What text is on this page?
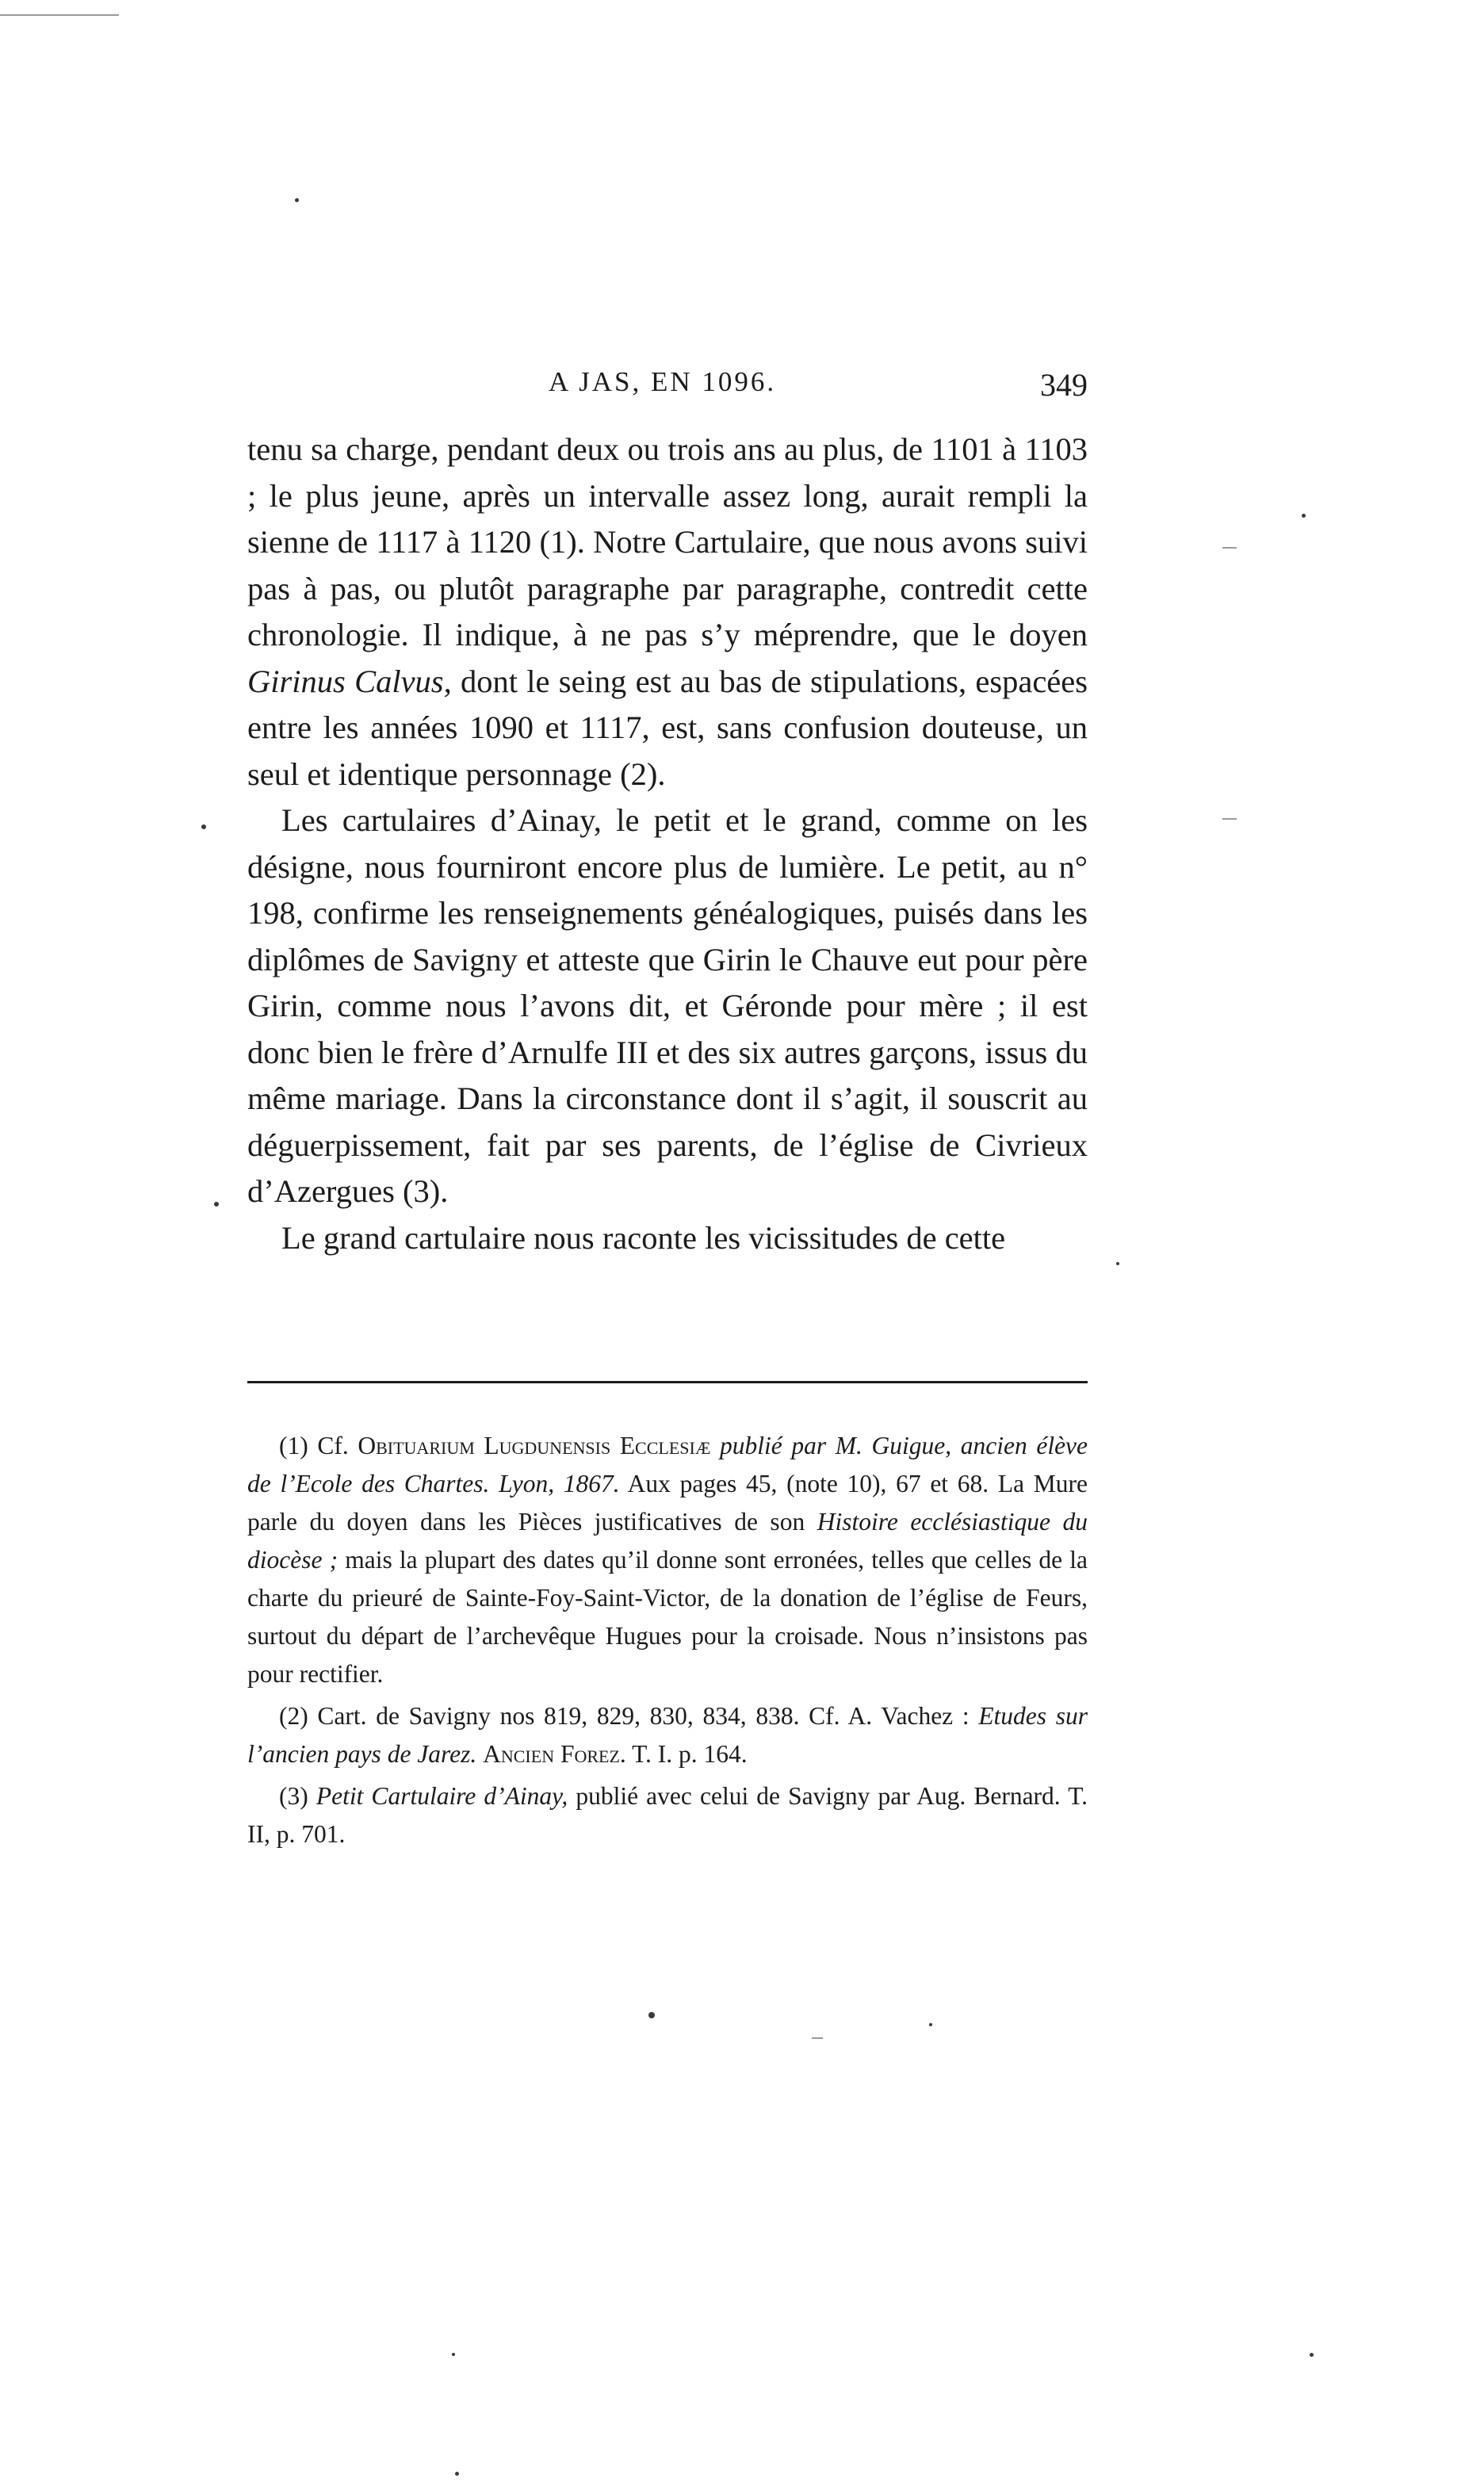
A JAS, EN 1096.	349

tenu sa charge, pendant deux ou trois ans au plus, de 1101 à 1103 ; le plus jeune, après un intervalle assez long, aurait rempli la sienne de 1117 à 1120 (1). Notre Cartulaire, que nous avons suivi pas à pas, ou plutôt paragraphe par paragraphe, contredit cette chronologie. Il indique, à ne pas s’y méprendre, que le doyen Girinus Calvus, dont le seing est au bas de stipulations, espacées entre les années 1090 et 1117, est, sans confusion douteuse, un seul et identique personnage (2).

Les cartulaires d’Ainay, le petit et le grand, comme on les désigne, nous fourniront encore plus de lumière. Le petit, au n° 198, confirme les renseignements généalogiques, puisés dans les diplômes de Savigny et atteste que Girin le Chauve eut pour père Girin, comme nous l’avons dit, et Géronde pour mère ; il est donc bien le frère d’Arnulfe III et des six autres garçons, issus du même mariage. Dans la circonstance dont il s’agit, il souscrit au déguerpissement, fait par ses parents, de l’église de Civrieux d’Azergues (3).

Le grand cartulaire nous raconte les vicissitudes de cette

(1) Cf. Obituarium Lugdunensis Ecclesiæ publié par M. Guigue, ancien élève de l’Ecole des Chartes. Lyon, 1867. Aux pages 45, (note 10), 67 et 68. La Mure parle du doyen dans les Pièces justificatives de son Histoire ecclésiastique du diocèse ; mais la plupart des dates qu’il donne sont erronées, telles que celles de la charte du prieuré de Sainte-Foy-Saint-Victor, de la donation de l’église de Feurs, surtout du départ de l’archevêque Hugues pour la croisade. Nous n’insistons pas pour rectifier.

(2) Cart. de Savigny nos 819, 829, 830, 834, 838. Cf. A. Vachez : Etudes sur l’ancien pays de Jarez. Ancien Forez. T. I. p. 164.

(3) Petit Cartulaire d’Ainay, publié avec celui de Savigny par Aug. Bernard. T. II, p. 701.
